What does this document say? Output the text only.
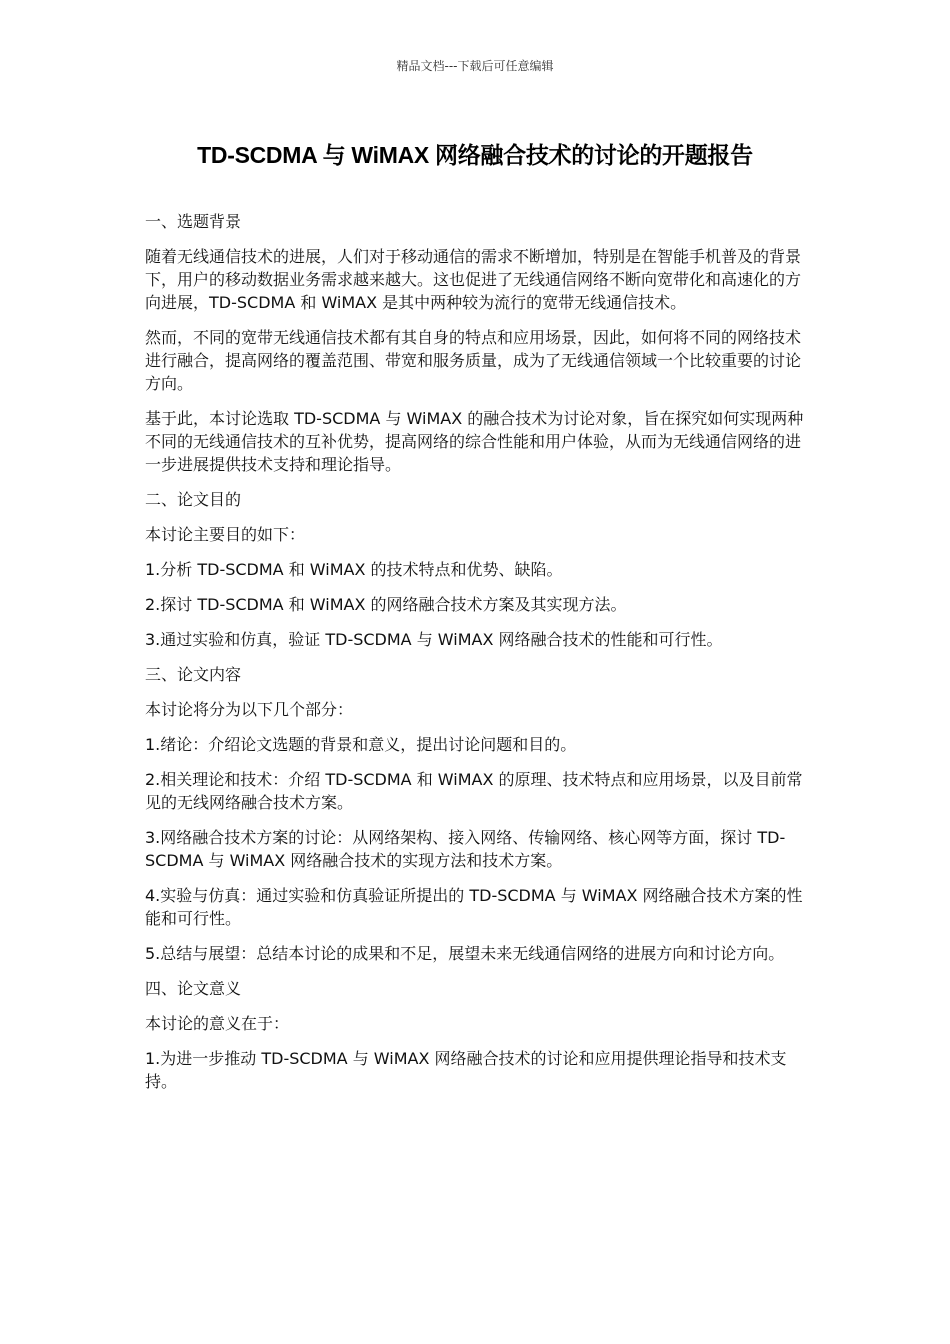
精品文档---下载后可任意编辑
TD-SCDMA 与 WiMAX 网络融合技术的讨论的开题报告

一、选题背景

随着无线通信技术的进展，人们对于移动通信的需求不断增加，特别是在智能手机普及的背景下，用户的移动数据业务需求越来越大。这也促进了无线通信网络不断向宽带化和高速化的方向进展，TD-SCDMA 和 WiMAX 是其中两种较为流行的宽带无线通信技术。

然而，不同的宽带无线通信技术都有其自身的特点和应用场景，因此，如何将不同的网络技术进行融合，提高网络的覆盖范围、带宽和服务质量，成为了无线通信领域一个比较重要的讨论方向。

基于此，本讨论选取 TD-SCDMA 与 WiMAX 的融合技术为讨论对象，旨在探究如何实现两种不同的无线通信技术的互补优势，提高网络的综合性能和用户体验，从而为无线通信网络的进一步进展提供技术支持和理论指导。

二、论文目的

本讨论主要目的如下：

1.分析 TD-SCDMA 和 WiMAX 的技术特点和优势、缺陷。

2.探讨 TD-SCDMA 和 WiMAX 的网络融合技术方案及其实现方法。

3.通过实验和仿真，验证 TD-SCDMA 与 WiMAX 网络融合技术的性能和可行性。

三、论文内容

本讨论将分为以下几个部分：

1.绪论：介绍论文选题的背景和意义，提出讨论问题和目的。

2.相关理论和技术：介绍 TD-SCDMA 和 WiMAX 的原理、技术特点和应用场景，以及目前常见的无线网络融合技术方案。

3.网络融合技术方案的讨论：从网络架构、接入网络、传输网络、核心网等方面，探讨 TD-SCDMA 与 WiMAX 网络融合技术的实现方法和技术方案。

4.实验与仿真：通过实验和仿真验证所提出的 TD-SCDMA 与 WiMAX 网络融合技术方案的性能和可行性。

5.总结与展望：总结本讨论的成果和不足，展望未来无线通信网络的进展方向和讨论方向。

四、论文意义

本讨论的意义在于：

1.为进一步推动 TD-SCDMA 与 WiMAX 网络融合技术的讨论和应用提供理论指导和技术支持。
